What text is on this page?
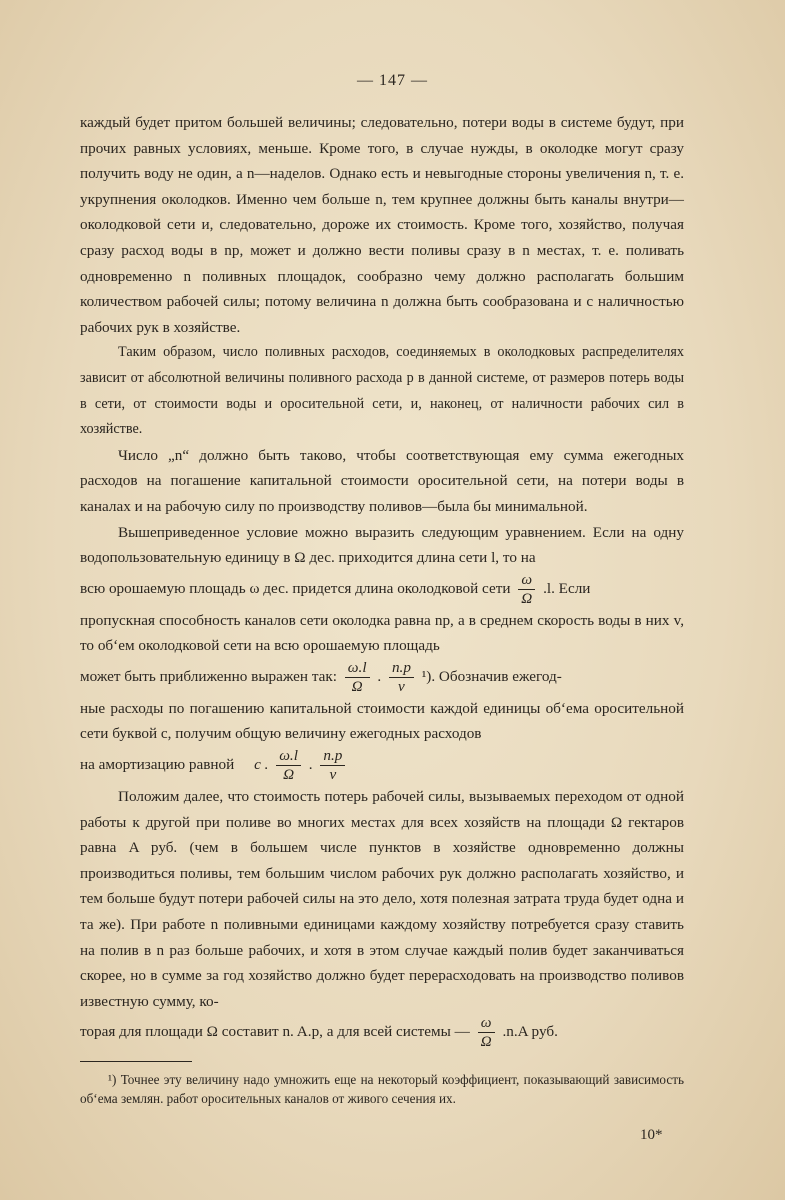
— 147 —

каждый будет притом большей величины; следовательно, потери воды в системе будут, при прочих равных условиях, меньше. Кроме того, в случае нужды, в околодке могут сразу получить воду не один, а n—наделов. Однако есть и невыгодные стороны увеличения n, т. е. укрупнения околодков. Именно чем больше n, тем крупнее должны быть каналы внутри—околодковой сети и, следовательно, дороже их стоимость. Кроме того, хозяйство, получая сразу расход воды в np, может и должно вести поливы сразу в n местах, т. е. поливать одновременно n поливных площадок, сообразно чему должно располагать большим количеством рабочей силы; потому величина n должна быть сообразована и с наличностью рабочих рук в хозяйстве.

Таким образом, число поливных расходов, соединяемых в околодковых распределителях зависит от абсолютной величины поливного расхода p в данной системе, от размеров потерь воды в сети, от стоимости воды и оросительной сети, и, наконец, от наличности рабочих сил в хозяйстве.

Число „n“ должно быть таково, чтобы соответствующая ему сумма ежегодных расходов на погашение капитальной стоимости оросительной сети, на потери воды в каналах и на рабочую силу по производству поливов—была бы минимальной.

Вышеприведенное условие можно выразить следующим уравнением. Если на одну водопользовательную единицу в Ω дес. приходится длина сети l, то на

всю орошаемую площадь ω дес. придется длина околодковой сети $\frac{\omega}{\Omega} .l$. Если

пропускная способность каналов сети околодка равна np, а в среднем скорость воды в них v, то об‘ем околодковой сети на всю орошаемую площадь

может быть приближенно выражен так: $\frac{\omega.l}{\Omega}$ . $\frac{n.p}{v} ^1$). Обозначив ежегод-

ные расходы по погашению капитальной стоимости каждой единицы об‘ема оросительной сети буквой c, получим общую величину ежегодных расходов

на амортизацию равной c . $\frac{\omega.l}{\Omega}$ . $\frac{n.p}{v}$

Положим далее, что стоимость потерь рабочей силы, вызываемых переходом от одной работы к другой при поливе во многих местах для всех хозяйств на площади Ω гектаров равна A руб. (чем в большем числе пунктов в хозяйстве одновременно должны производиться поливы, тем большим числом рабочих рук должно располагать хозяйство, и тем больше будут потери рабочей силы на это дело, хотя полезная затрата труда будет одна и та же). При работе n поливными единицами каждому хозяйству потребуется сразу ставить на полив в n раз больше рабочих, и хотя в этом случае каждый полив будет заканчиваться скорее, но в сумме за год хозяйство должно будет перерасходовать на производство поливов известную сумму, ко-

торая для площади Ω составит n. A.p, а для всей системы — $\frac{\omega}{\Omega} .n.A$ руб.

¹) Точнее эту величину надо умножить еще на некоторый коэффициент, показывающий зависимость об‘ема землян. работ оросительных каналов от живого сечения их.
10*
